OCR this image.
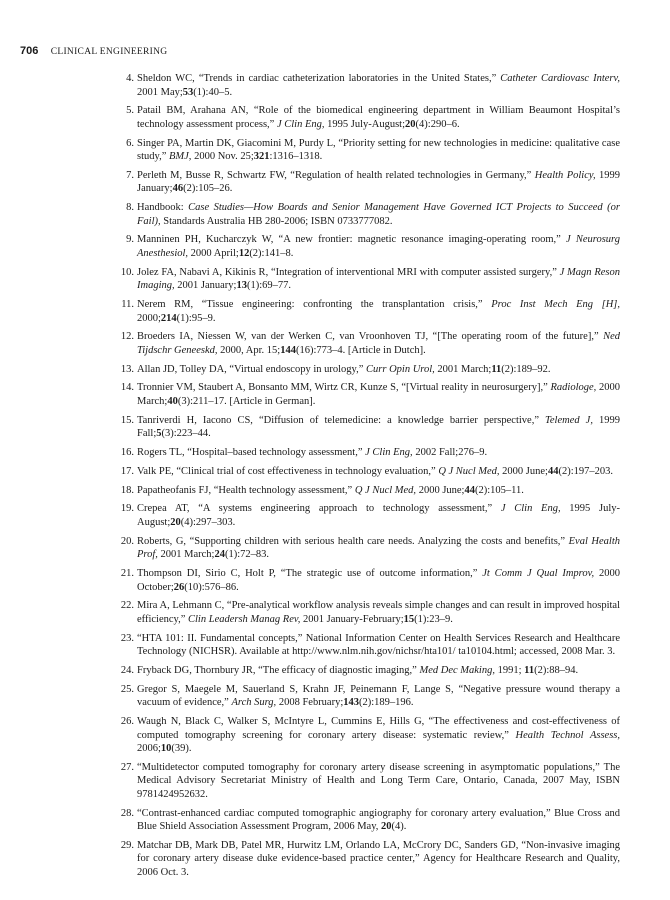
706 CLINICAL ENGINEERING
4. Sheldon WC, “Trends in cardiac catheterization laboratories in the United States,” Catheter Cardiovasc Interv, 2001 May;53(1):40–5.
5. Patail BM, Arahana AN, “Role of the biomedical engineering department in William Beaumont Hospital’s technology assessment process,” J Clin Eng, 1995 July-August;20(4):290–6.
6. Singer PA, Martin DK, Giacomini M, Purdy L, “Priority setting for new technologies in medicine: qualitative case study,” BMJ, 2000 Nov. 25;321:1316–1318.
7. Perleth M, Busse R, Schwartz FW, “Regulation of health related technologies in Germany,” Health Policy, 1999 January;46(2):105–26.
8. Handbook: Case Studies—How Boards and Senior Management Have Governed ICT Projects to Succeed (or Fail), Standards Australia HB 280-2006; ISBN 0733777082.
9. Manninen PH, Kucharczyk W, “A new frontier: magnetic resonance imaging-operating room,” J Neurosurg Anesthesiol, 2000 April;12(2):141–8.
10. Jolez FA, Nabavi A, Kikinis R, “Integration of interventional MRI with computer assisted surgery,” J Magn Reson Imaging, 2001 January;13(1):69–77.
11. Nerem RM, “Tissue engineering: confronting the transplantation crisis,” Proc Inst Mech Eng [H], 2000;214(1):95–9.
12. Broeders IA, Niessen W, van der Werken C, van Vroonhoven TJ, “[The operating room of the future],” Ned Tijdschr Geneeskd, 2000, Apr. 15;144(16):773–4. [Article in Dutch].
13. Allan JD, Tolley DA, “Virtual endoscopy in urology,” Curr Opin Urol, 2001 March;11(2):189–92.
14. Tronnier VM, Staubert A, Bonsanto MM, Wirtz CR, Kunze S, “[Virtual reality in neurosurgery],” Radiologe, 2000 March;40(3):211–17. [Article in German].
15. Tanriverdi H, Iacono CS, “Diffusion of telemedicine: a knowledge barrier perspective,” Telemed J, 1999 Fall;5(3):223–44.
16. Rogers TL, “Hospital–based technology assessment,” J Clin Eng, 2002 Fall;276–9.
17. Valk PE, “Clinical trial of cost effectiveness in technology evaluation,” Q J Nucl Med, 2000 June;44(2):197–203.
18. Papatheofanis FJ, “Health technology assessment,” Q J Nucl Med, 2000 June;44(2):105–11.
19. Crepea AT, “A systems engineering approach to technology assessment,” J Clin Eng, 1995 July-August;20(4):297–303.
20. Roberts, G, “Supporting children with serious health care needs. Analyzing the costs and benefits,” Eval Health Prof, 2001 March;24(1):72–83.
21. Thompson DI, Sirio C, Holt P, “The strategic use of outcome information,” Jt Comm J Qual Improv, 2000 October;26(10):576–86.
22. Mira A, Lehmann C, “Pre-analytical workflow analysis reveals simple changes and can result in improved hospital efficiency,” Clin Leadersh Manag Rev, 2001 January-February;15(1):23–9.
23. “HTA 101: II. Fundamental concepts,” National Information Center on Health Services Research and Healthcare Technology (NICHSR). Available at http://www.nlm.nih.gov/nichsr/hta101/ ta10104.html; accessed, 2008 Mar. 3.
24. Fryback DG, Thornbury JR, “The efficacy of diagnostic imaging,” Med Dec Making, 1991; 11(2):88–94.
25. Gregor S, Maegele M, Sauerland S, Krahn JF, Peinemann F, Lange S, “Negative pressure wound therapy a vacuum of evidence,” Arch Surg, 2008 February;143(2):189–196.
26. Waugh N, Black C, Walker S, McIntyre L, Cummins E, Hills G, “The effectiveness and cost-effectiveness of computed tomography screening for coronary artery disease: systematic review,” Health Technol Assess, 2006;10(39).
27. “Multidetector computed tomography for coronary artery disease screening in asymptomatic populations,” The Medical Advisory Secretariat Ministry of Health and Long Term Care, Ontario, Canada, 2007 May, ISBN 9781424952632.
28. “Contrast-enhanced cardiac computed tomographic angiography for coronary artery evaluation,” Blue Cross and Blue Shield Association Assessment Program, 2006 May, 20(4).
29. Matchar DB, Mark DB, Patel MR, Hurwitz LM, Orlando LA, McCrory DC, Sanders GD, “Non-invasive imaging for coronary artery disease duke evidence-based practice center,” Agency for Healthcare Research and Quality, 2006 Oct. 3.
